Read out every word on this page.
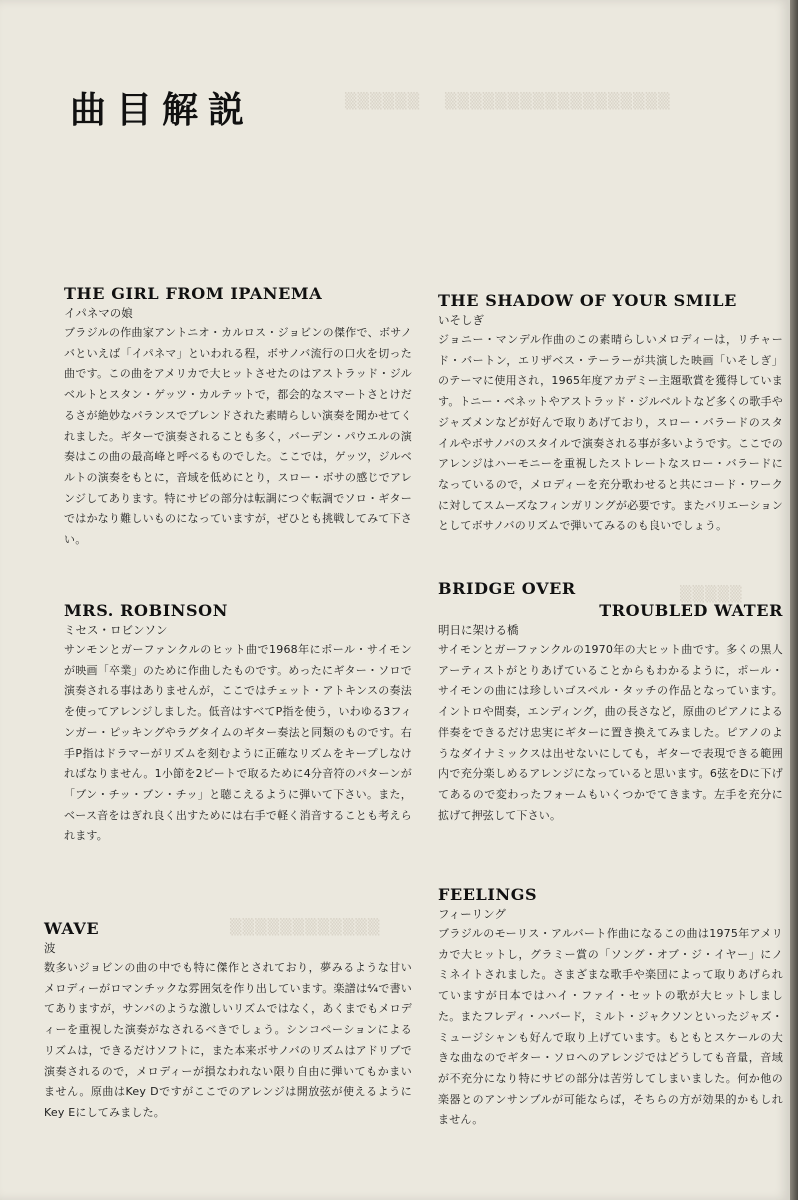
▒▒▒▒▒▒▒▒▒▒▒▒▒▒▒▒▒▒
▒▒▒▒▒▒
▒▒▒▒▒
▒▒▒▒▒▒▒▒▒▒▒▒
曲目解説
THE GIRL FROM IPANEMA
イパネマの娘
ブラジルの作曲家アントニオ・カルロス・ジョビンの傑作で、ボサノバといえば「イパネマ」といわれる程，ボサノバ流行の口火を切った曲です。この曲をアメリカで大ヒットさせたのはアストラッド・ジルベルトとスタン・ゲッツ・カルテットで，都会的なスマートさとけだるさが絶妙なバランスでブレンドされた素晴らしい演奏を聞かせてくれました。ギターで演奏されることも多く，バーデン・パウエルの演奏はこの曲の最高峰と呼べるものでした。ここでは，ゲッツ，ジルベルトの演奏をもとに，音域を低めにとり，スロー・ボサの感じでアレンジしてあります。特にサビの部分は転調につぐ転調でソロ・ギターではかなり難しいものになっていますが，ぜひとも挑戦してみて下さい。
THE SHADOW OF YOUR SMILE
いそしぎ
ジョニー・マンデル作曲のこの素晴らしいメロディーは，リチャード・バートン，エリザベス・テーラーが共演した映画「いそしぎ」のテーマに使用され，1965年度アカデミー主題歌賞を獲得しています。トニー・ベネットやアストラッド・ジルベルトなど多くの歌手やジャズメンなどが好んで取りあげており，スロー・バラードのスタイルやボサノバのスタイルで演奏される事が多いようです。ここでのアレンジはハーモニーを重視したストレートなスロー・バラードになっているので，メロディーを充分歌わせると共にコード・ワークに対してスムーズなフィンガリングが必要です。またバリエーションとしてボサノバのリズムで弾いてみるのも良いでしょう。
BRIDGE OVER
TROUBLED WATER
明日に架ける橋
サイモンとガーファンクルの1970年の大ヒット曲です。多くの黒人アーティストがとりあげていることからもわかるように，ポール・サイモンの曲には珍しいゴスペル・タッチの作品となっています。イントロや間奏，エンディング，曲の長さなど，原曲のピアノによる伴奏をできるだけ忠実にギターに置き換えてみました。ピアノのようなダイナミックスは出せないにしても，ギターで表現できる範囲内で充分楽しめるアレンジになっていると思います。6弦をDに下げてあるので変わったフォームもいくつかでてきます。左手を充分に拡げて押弦して下さい。
MRS. ROBINSON
ミセス・ロビンソン
サンモンとガーファンクルのヒット曲で1968年にポール・サイモンが映画「卒業」のために作曲したものです。めったにギター・ソロで演奏される事はありませんが，ここではチェット・アトキンスの奏法を使ってアレンジしました。低音はすべてP指を使う，いわゆる3フィンガー・ピッキングやラグタイムのギター奏法と同類のものです。右手P指はドラマーがリズムを刻むように正確なリズムをキープしなければなりません。1小節を2ビートで取るために4分音符のパターンが「ブン・チッ・ブン・チッ」と聴こえるように弾いて下さい。また，ベース音をはぎれ良く出すためには右手で軽く消音することも考えられます。
FEELINGS
フィーリング
ブラジルのモーリス・アルバート作曲になるこの曲は1975年アメリカで大ヒットし，グラミー賞の「ソング・オブ・ジ・イヤー」にノミネイトされました。さまざまな歌手や楽団によって取りあげられていますが日本ではハイ・ファイ・セットの歌が大ヒットしました。またフレディ・ハバード，ミルト・ジャクソンといったジャズ・ミュージシャンも好んで取り上げています。もともとスケールの大きな曲なのでギター・ソロへのアレンジではどうしても音量，音域が不充分になり特にサビの部分は苦労してしまいました。何か他の楽器とのアンサンブルが可能ならば，そちらの方が効果的かもしれません。
WAVE
波
数多いジョビンの曲の中でも特に傑作とされており，夢みるような甘いメロディーがロマンチックな雰囲気を作り出しています。楽譜は⁴⁄₄で書いてありますが，サンバのような激しいリズムではなく，あくまでもメロディーを重視した演奏がなされるべきでしょう。シンコペーションによるリズムは，できるだけソフトに，また本来ボサノバのリズムはアドリブで演奏されるので，メロディーが損なわれない限り自由に弾いてもかまいません。原曲はKey Dですがここでのアレンジは開放弦が使えるようにKey Eにしてみました。
